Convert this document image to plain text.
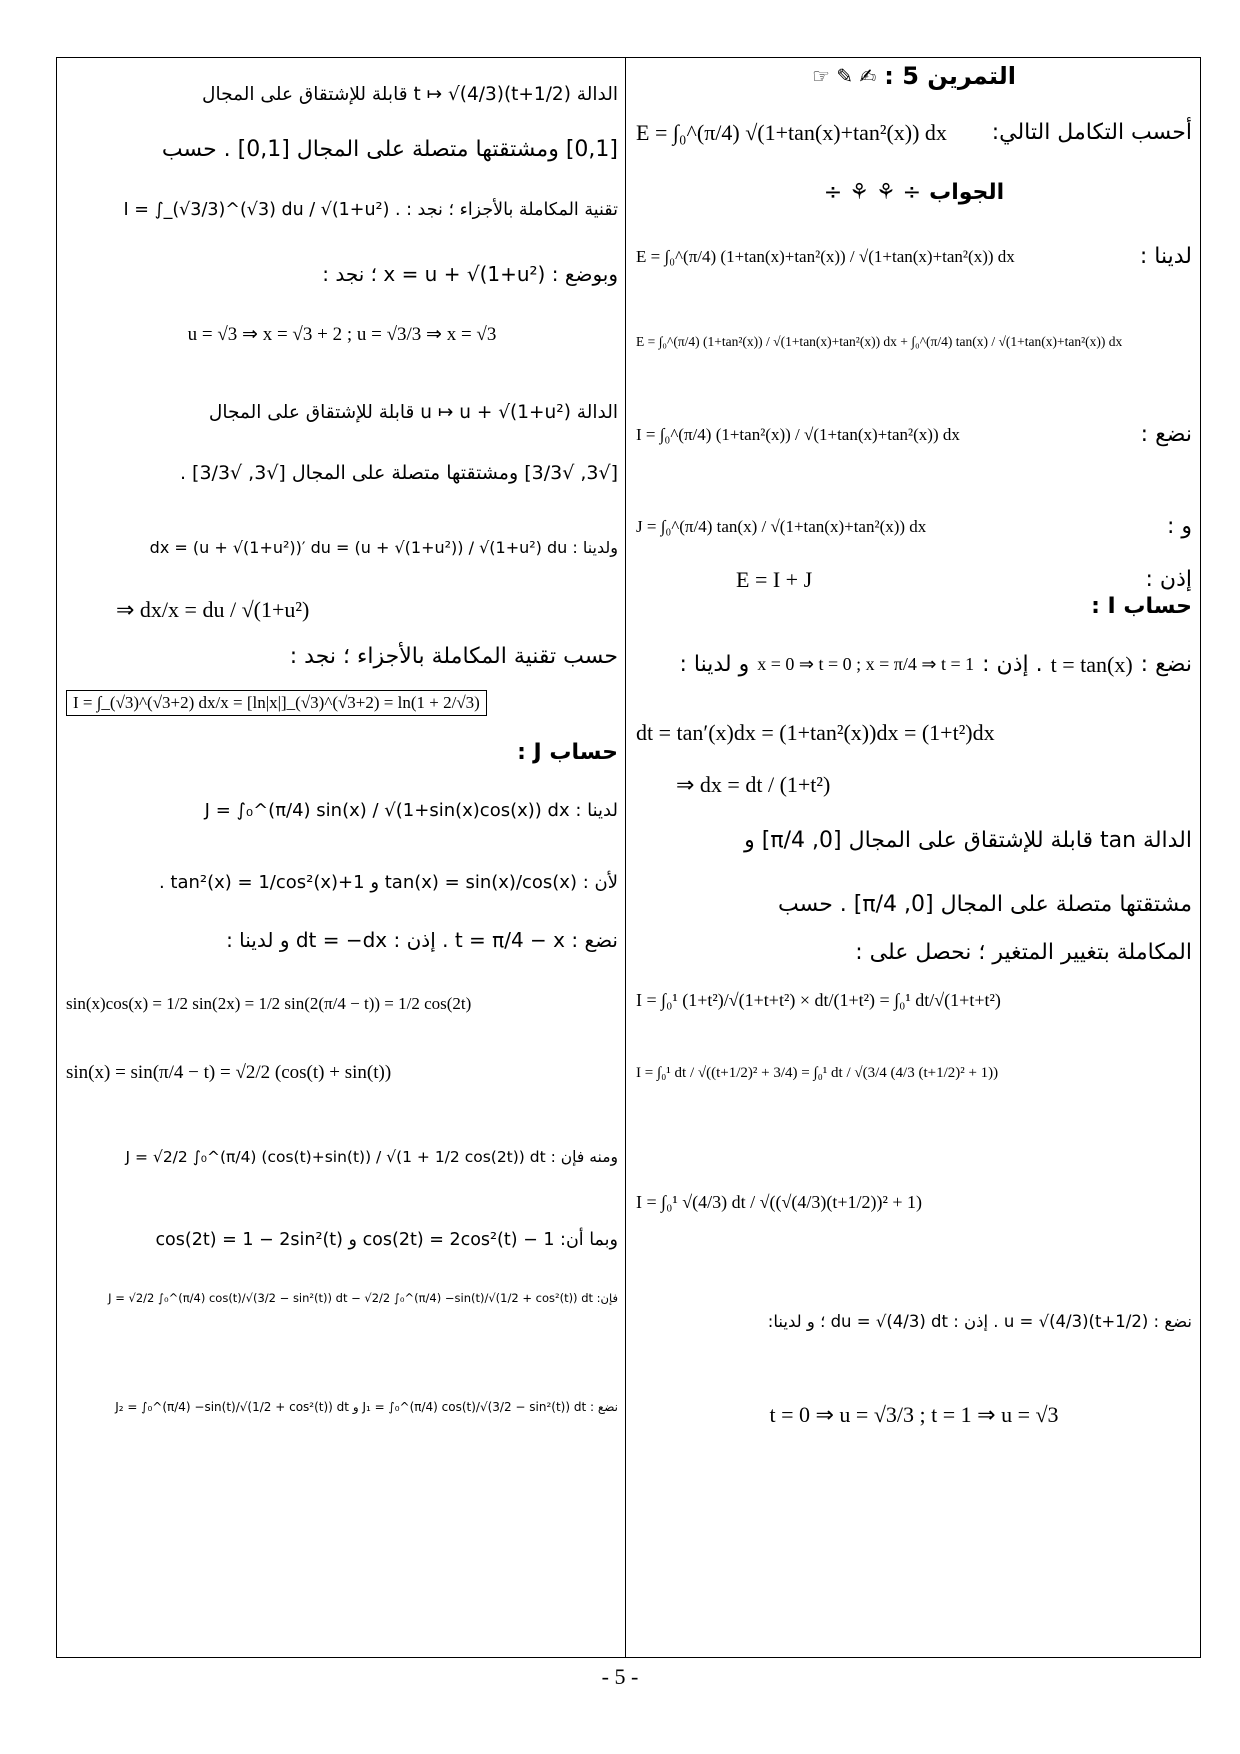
التمرين 5 :
✍ ✎ ☞
أحسب التكامل التالي:
E = ∫₀^(π/4) √(1+tan(x)+tan²(x)) dx
الجواب
÷ ⚘ ⚘ ÷
لدينا :
E = ∫₀^(π/4) (1+tan(x)+tan²(x)) / √(1+tan(x)+tan²(x)) dx
E = ∫₀^(π/4) (1+tan²(x)) / √(1+tan(x)+tan²(x)) dx + ∫₀^(π/4) tan(x) / √(1+tan(x)+tan²(x)) dx
نضع :
I = ∫₀^(π/4) (1+tan²(x)) / √(1+tan(x)+tan²(x)) dx
و :
J = ∫₀^(π/4) tan(x) / √(1+tan(x)+tan²(x)) dx
إذن :
E = I + J
حساب I :
نضع :
t = tan(x)
. إذن :
x = 0 ⇒ t = 0 ; x = π/4 ⇒ t = 1
و لدينا :
dt = tan′(x)dx = (1+tan²(x))dx = (1+t²)dx
⇒ dx = dt / (1+t²)
الدالة tan قابلة للإشتقاق على المجال [0, π/4] و
مشتقتها متصلة على المجال [0, π/4] . حسب
المكاملة بتغيير المتغير ؛ نحصل على :
I = ∫₀¹ (1+t²)/√(1+t+t²) × dt/(1+t²) = ∫₀¹ dt/√(1+t+t²)
I = ∫₀¹ dt / √((t+1/2)² + 3/4) = ∫₀¹ dt / √(3/4 (4/3 (t+1/2)² + 1))
I = ∫₀¹ √(4/3) dt / √((√(4/3)(t+1/2))² + 1)
نضع : u = √(4/3)(t+1/2) . إذن : du = √(4/3) dt ؛ و لدينا:
t = 0 ⇒ u = √3/3 ; t = 1 ⇒ u = √3
الدالة t ↦ √(4/3)(t+1/2) قابلة للإشتقاق على المجال
[0,1] ومشتقتها متصلة على المجال [0,1] . حسب
تقنية المكاملة بالأجزاء ؛ نجد : . I = ∫_(√3/3)^(√3) du / √(1+u²)
وبوضع : x = u + √(1+u²) ؛ نجد :
u = √3 ⇒ x = √3 + 2 ; u = √3/3 ⇒ x = √3
الدالة u ↦ u + √(1+u²) قابلة للإشتقاق على المجال
[√3, √3/3] ومشتقتها متصلة على المجال [√3, √3/3] .
ولدينا : dx = (u + √(1+u²))′ du = (u + √(1+u²)) / √(1+u²) du
⇒ dx/x = du / √(1+u²)
حسب تقنية المكاملة بالأجزاء ؛ نجد :
I = ∫_(√3)^(√3+2) dx/x = [ln|x|]_(√3)^(√3+2) = ln(1 + 2/√3)
حساب J :
لدينا : J = ∫₀^(π/4) sin(x) / √(1+sin(x)cos(x)) dx
لأن : tan(x) = sin(x)/cos(x) و 1+tan²(x) = 1/cos²(x) .
نضع : t = π/4 − x . إذن : dt = −dx و لدينا :
sin(x)cos(x) = 1/2 sin(2x) = 1/2 sin(2(π/4 − t)) = 1/2 cos(2t)
sin(x) = sin(π/4 − t) = √2/2 (cos(t) + sin(t))
ومنه فإن : J = √2/2 ∫₀^(π/4) (cos(t)+sin(t)) / √(1 + 1/2 cos(2t)) dt
وبما أن: cos(2t) = 2cos²(t) − 1 و cos(2t) = 1 − 2sin²(t)
فإن: J = √2/2 ∫₀^(π/4) cos(t)/√(3/2 − sin²(t)) dt − √2/2 ∫₀^(π/4) −sin(t)/√(1/2 + cos²(t)) dt
نضع : J₁ = ∫₀^(π/4) cos(t)/√(3/2 − sin²(t)) dt و J₂ = ∫₀^(π/4) −sin(t)/√(1/2 + cos²(t)) dt
- 5 -
